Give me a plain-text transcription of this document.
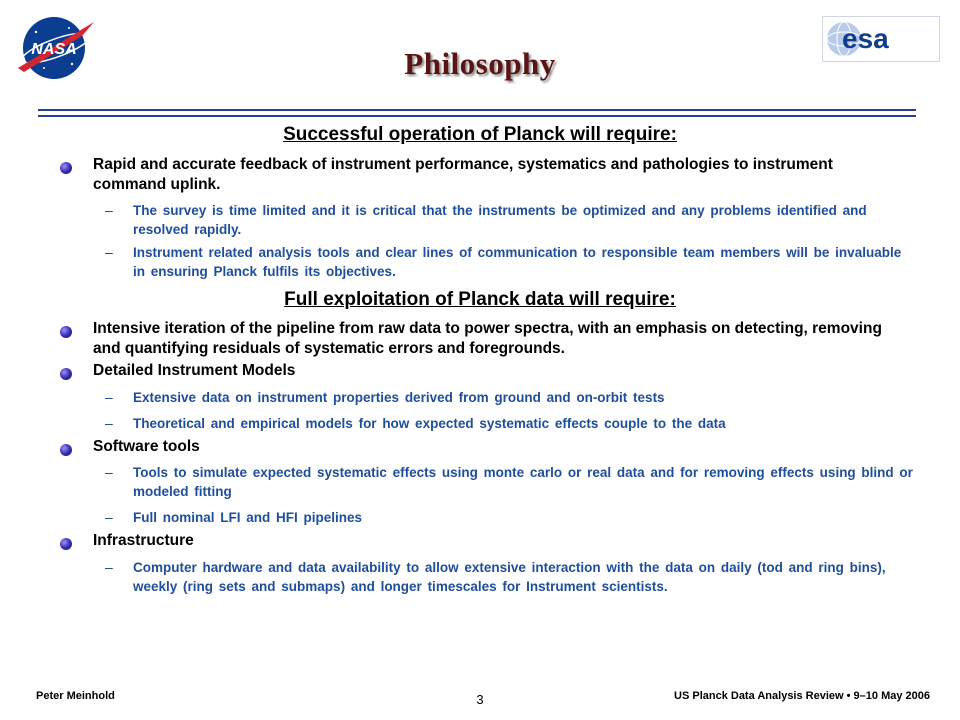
NASA	esa
Philosophy
Successful operation of Planck will require:
Rapid and accurate feedback of instrument performance, systematics and pathologies to instrument command uplink.
– The survey is time limited and it is critical that the instruments be optimized and any problems identified and resolved rapidly.
– Instrument related analysis tools and clear lines of communication to responsible team members will be invaluable in ensuring Planck fulfils its objectives.
Full exploitation of Planck data will require:
Intensive iteration of the pipeline from raw data to power spectra, with an emphasis on detecting, removing and quantifying residuals of systematic errors and foregrounds.
Detailed Instrument Models
– Extensive data on instrument properties derived from ground and on-orbit tests
– Theoretical and empirical models for how expected systematic effects couple to the data
Software tools
– Tools to simulate expected systematic effects using monte carlo or real data and for removing effects using blind or modeled fitting
– Full nominal LFI and HFI pipelines
Infrastructure
– Computer hardware and data availability to allow extensive interaction with the data on daily (tod and ring bins), weekly (ring sets and submaps) and longer timescales for Instrument scientists.
Peter Meinhold	3	US Planck Data Analysis Review • 9–10 May 2006
